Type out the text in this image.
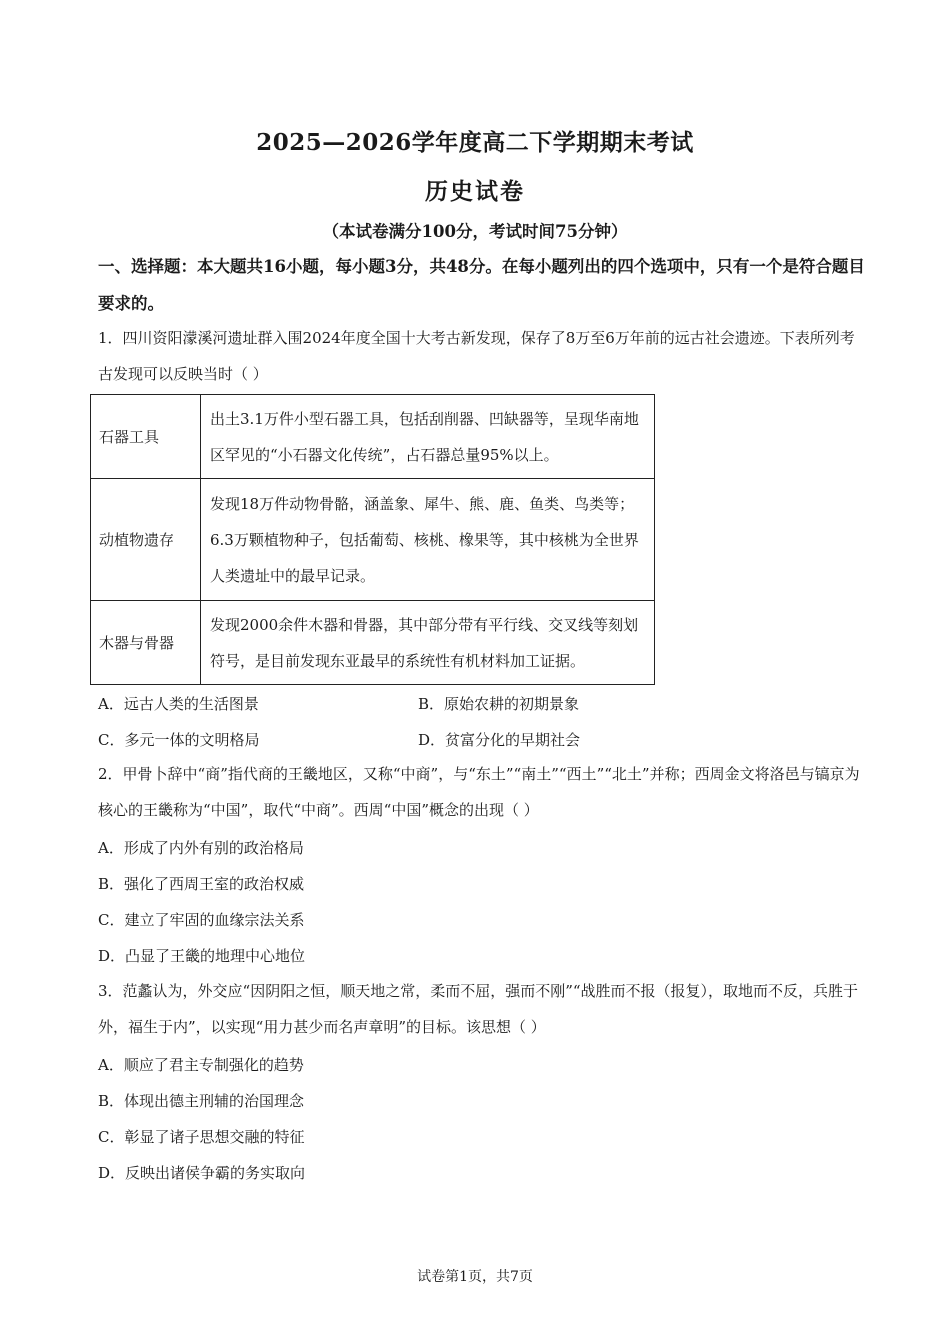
2025—2026学年度高二下学期期末考试
历史试卷
（本试卷满分100分，考试时间75分钟）

一、选择题：本大题共16小题，每小题3分，共48分。在每小题列出的四个选项中，只有一个是符合题目要求的。

1．四川资阳濛溪河遗址群入围2024年度全国十大考古新发现，保存了8万至6万年前的远古社会遗迹。下表所列考古发现可以反映当时（ ）

石器工具	出土3.1万件小型石器工具，包括刮削器、凹缺器等，呈现华南地区罕见的“小石器文化传统”，占石器总量95%以上。
动植物遗存	发现18万件动物骨骼，涵盖象、犀牛、熊、鹿、鱼类、鸟类等；6.3万颗植物种子，包括葡萄、核桃、橡果等，其中核桃为全世界人类遗址中的最早记录。
木器与骨器	发现2000余件木器和骨器，其中部分带有平行线、交叉线等刻划符号，是目前发现东亚最早的系统性有机材料加工证据。

A．远古人类的生活图景	B．原始农耕的初期景象

C．多元一体的文明格局	D．贫富分化的早期社会

2．甲骨卜辞中“商”指代商的王畿地区，又称“中商”，与“东土”“南土”“西土”“北土”并称；西周金文将洛邑与镐京为核心的王畿称为“中国”，取代“中商”。西周“中国”概念的出现（ ）

A．形成了内外有别的政治格局

B．强化了西周王室的政治权威

C．建立了牢固的血缘宗法关系

D．凸显了王畿的地理中心地位

3．范蠡认为，外交应“因阴阳之恒，顺天地之常，柔而不屈，强而不刚”“战胜而不报（报复），取地而不反，兵胜于外，福生于内”，以实现“用力甚少而名声章明”的目标。该思想（ ）

A．顺应了君主专制强化的趋势

B．体现出德主刑辅的治国理念

C．彰显了诸子思想交融的特征

D．反映出诸侯争霸的务实取向

试卷第1页，共7页
